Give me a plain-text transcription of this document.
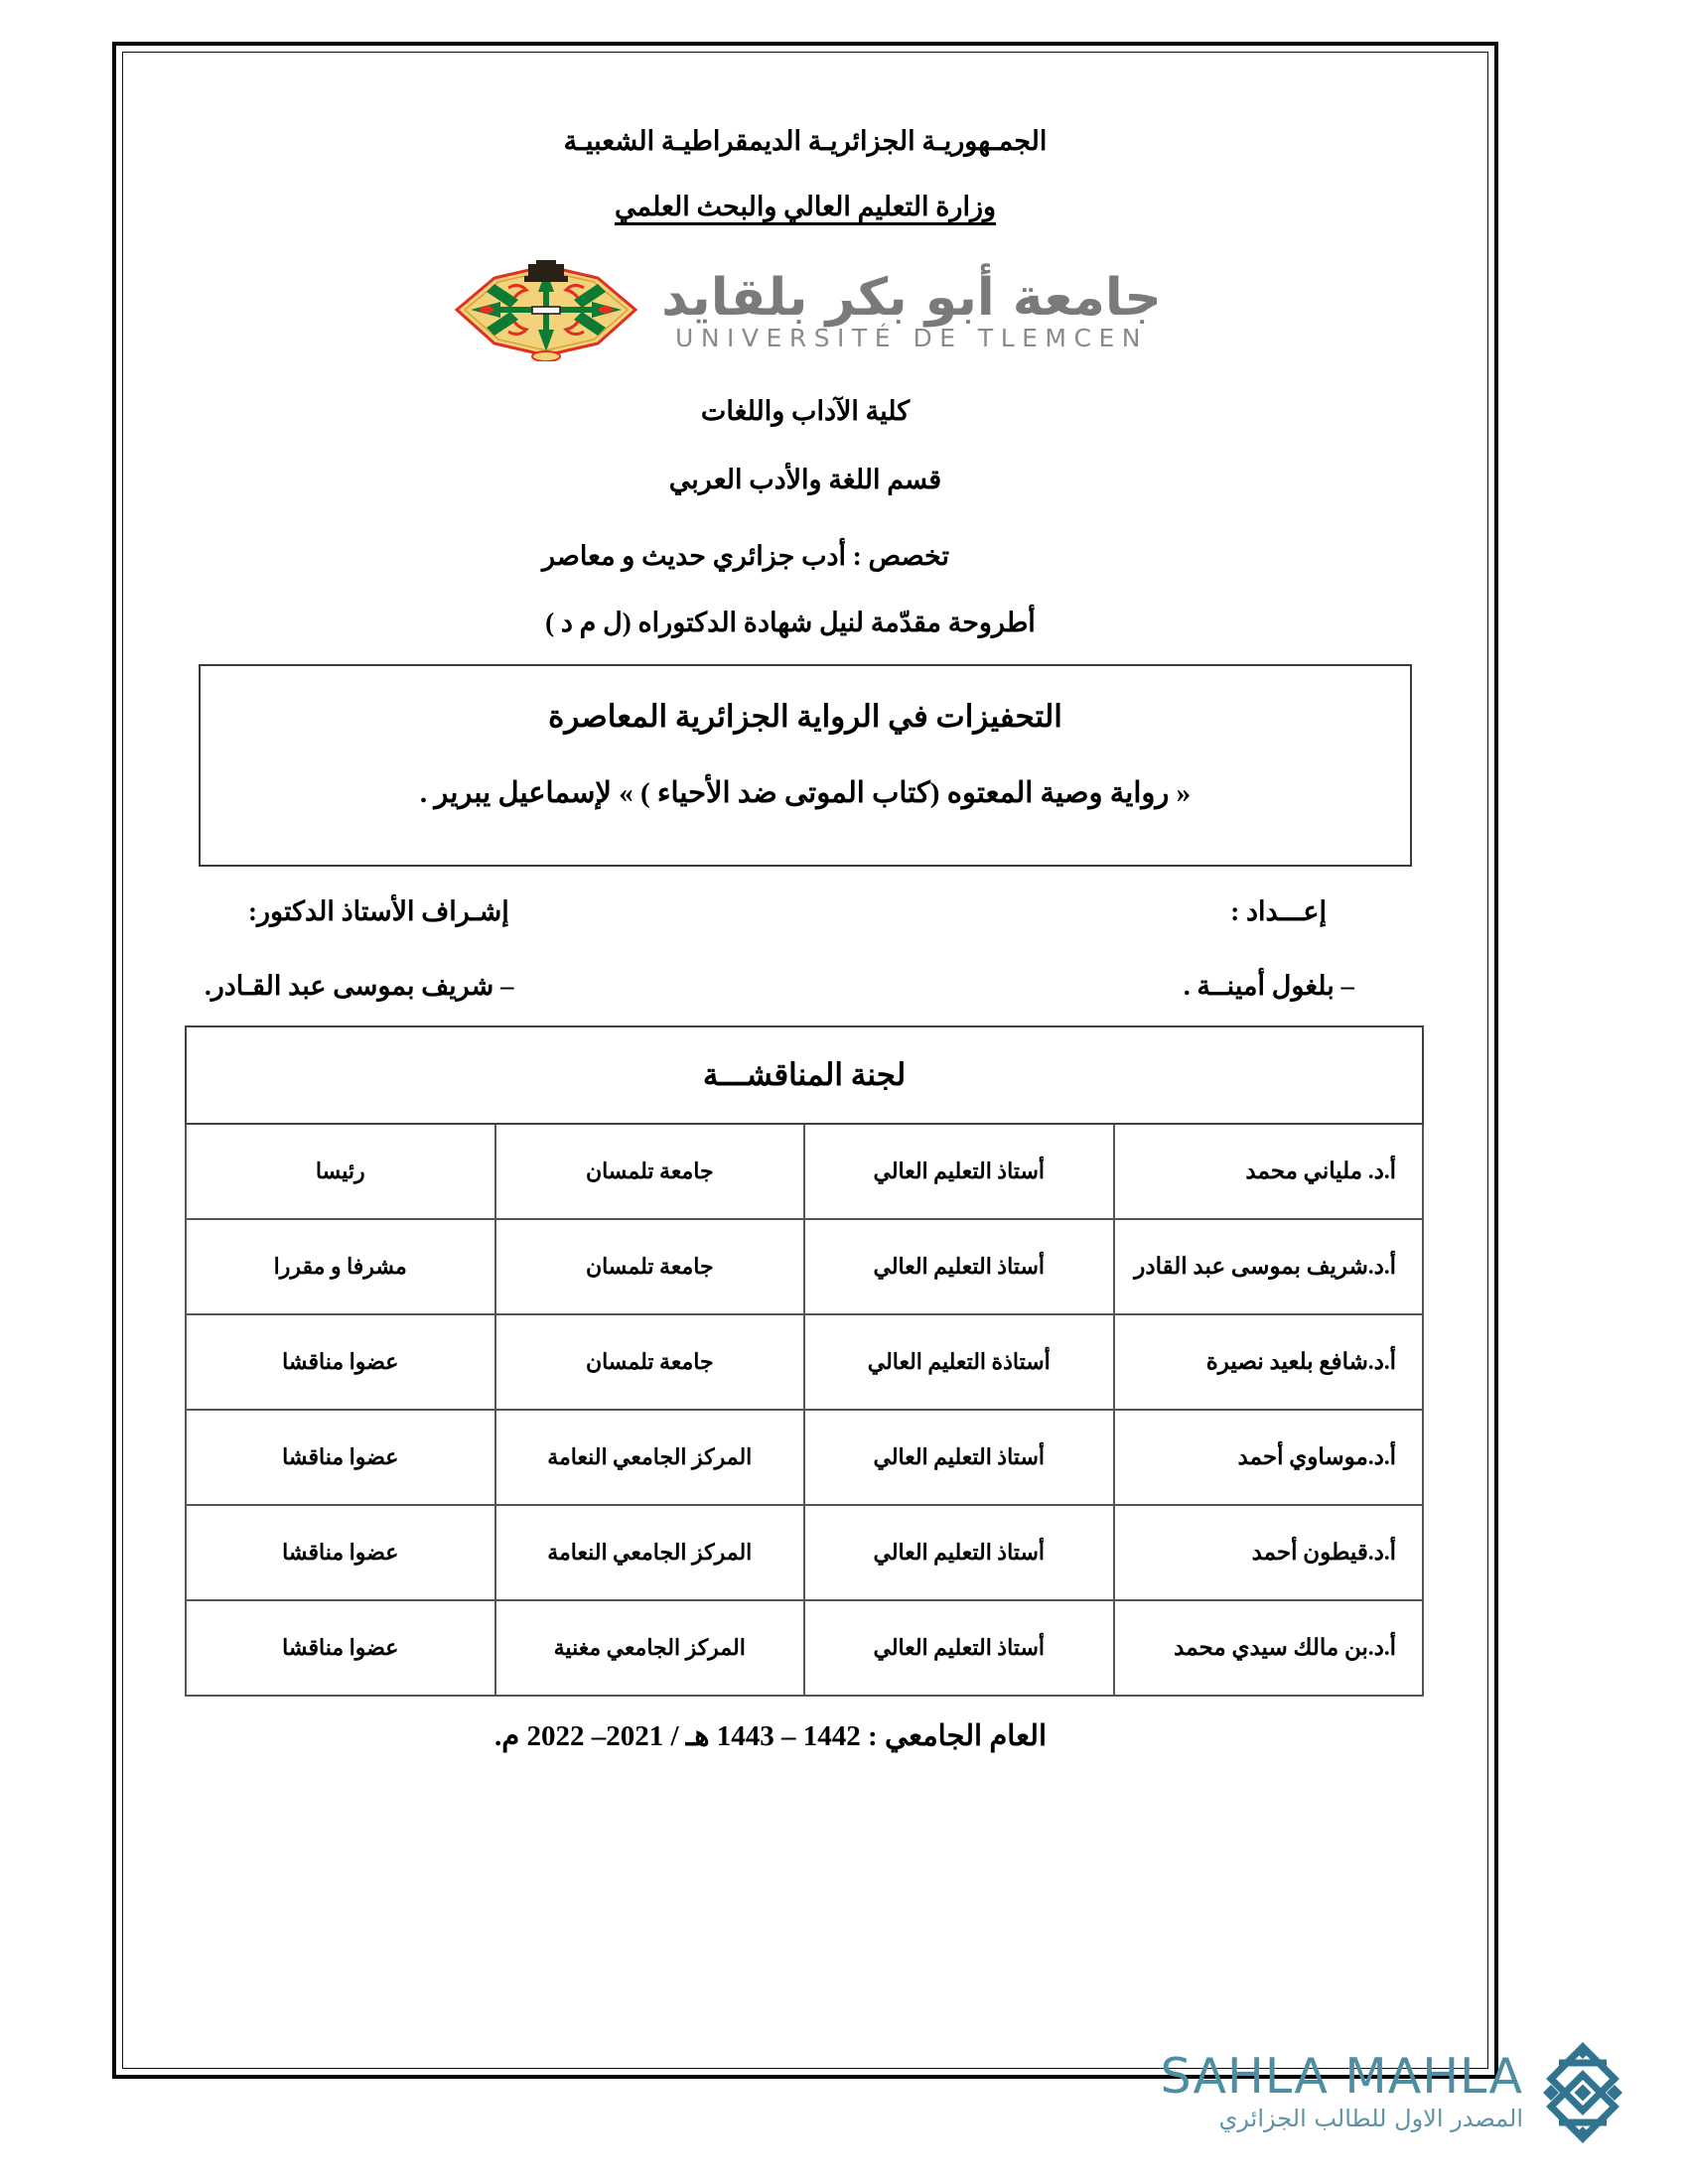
الجمـهوريـة الجزائريـة الديمقراطيـة الشعبيـة
وزارة التعليم العالي والبحث العلمي
جامعة أبو بكر بلقايد
UNIVERSITÉ DE TLEMCEN
كلية الآداب واللغات
قسم اللغة والأدب العربي
تخصص : أدب جزائري حديث و معاصر
أطروحة مقدّمة لنيل شهادة الدكتوراه (ل م د )
التحفيزات في الرواية الجزائرية المعاصرة
« رواية وصية المعتوه (كتاب الموتى ضد الأحياء ) » لإسماعيل يبرير .
إعـــداد :
إشـراف الأستاذ الدكتور:
– بلغول أمينــة .
– شريف بموسى عبد القـادر.
لجنة المناقشـــة			
أ.د. ملياني محمد	أستاذ التعليم العالي	جامعة تلمسان	رئيسا
أ.د.شريف بموسى عبد القادر	أستاذ التعليم العالي	جامعة تلمسان	مشرفا و مقررا
أ.د.شافع بلعيد نصيرة	أستاذة التعليم العالي	جامعة تلمسان	عضوا مناقشا
أ.د.موساوي أحمد	أستاذ التعليم العالي	المركز الجامعي النعامة	عضوا مناقشا
أ.د.قيطون أحمد	أستاذ التعليم العالي	المركز الجامعي النعامة	عضوا مناقشا
أ.د.بن مالك سيدي محمد	أستاذ التعليم العالي	المركز الجامعي مغنية	عضوا مناقشا
العام الجامعي : 1442 – 1443 هـ / 2021– 2022 م.
SAHLA MAHLA
المصدر الاول للطالب الجزائري
